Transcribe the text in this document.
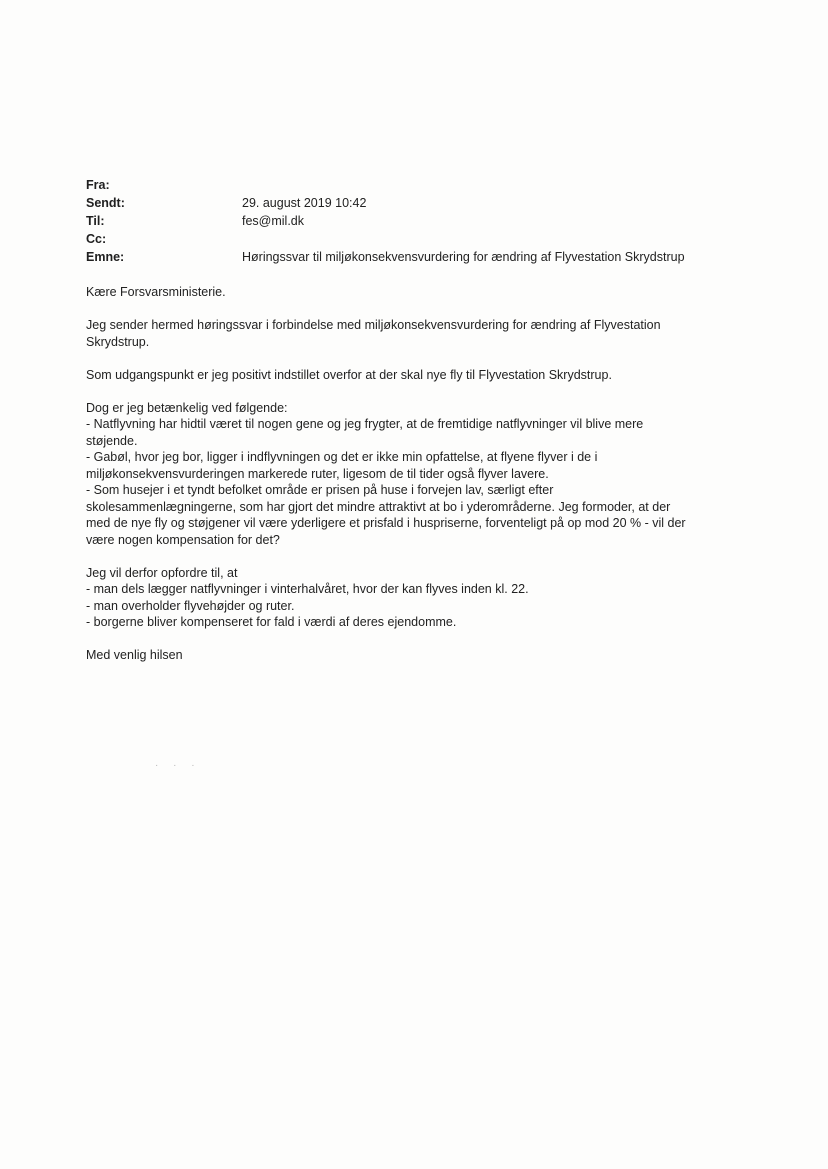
Fra:
Sendt:	29. august 2019 10:42
Til:	fes@mil.dk
Cc:
Emne:	Høringssvar til miljøkonsekvensvurdering for ændring af Flyvestation Skrydstrup

Kære Forsvarsministerie.

Jeg sender hermed høringssvar i forbindelse med miljøkonsekvensvurdering for ændring af Flyvestation
Skrydstrup.

Som udgangspunkt er jeg positivt indstillet overfor at der skal nye fly til Flyvestation Skrydstrup.

Dog er jeg betænkelig ved følgende:
- Natflyvning har hidtil været til nogen gene og jeg frygter, at de fremtidige natflyvninger vil blive mere
støjende.
- Gabøl, hvor jeg bor, ligger i indflyvningen og det er ikke min opfattelse, at flyene flyver i de i
miljøkonsekvensvurderingen markerede ruter, ligesom de til tider også flyver lavere.
- Som husejer i et tyndt befolket område er prisen på huse i forvejen lav, særligt efter
skolesammenlægningerne, som har gjort det mindre attraktivt at bo i yderområderne. Jeg formoder, at der
med de nye fly og støjgener vil være yderligere et prisfald i huspriserne, forventeligt på op mod 20 % - vil der
være nogen kompensation for det?

Jeg vil derfor opfordre til, at
- man dels lægger natflyvninger i vinterhalvåret, hvor der kan flyves inden kl. 22.
- man overholder flyvehøjder og ruter.
- borgerne bliver kompenseret for fald i værdi af deres ejendomme.

Med venlig hilsen

· · ·
